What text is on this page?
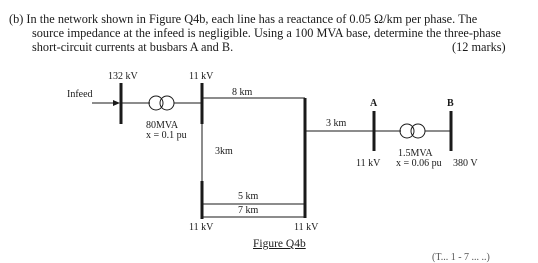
(b) In the network shown in Figure Q4b, each line has a reactance of 0.05 Ω/km per phase. The
source impedance at the infeed is negligible. Using a 100 MVA base, determine the three-phase
short-circuit currents at busbars A and B.	(12 marks)
Infeed
132 kV	11 kV
8 km
80MVA
x = 0.1 pu
3km
3 km
A	B
1.5MVA
11 kV x = 0.06 pu 380 V
5 km
7 km
11 kV	11 kV
Figure Q4b
(T... 1 - 7 ... ..)
